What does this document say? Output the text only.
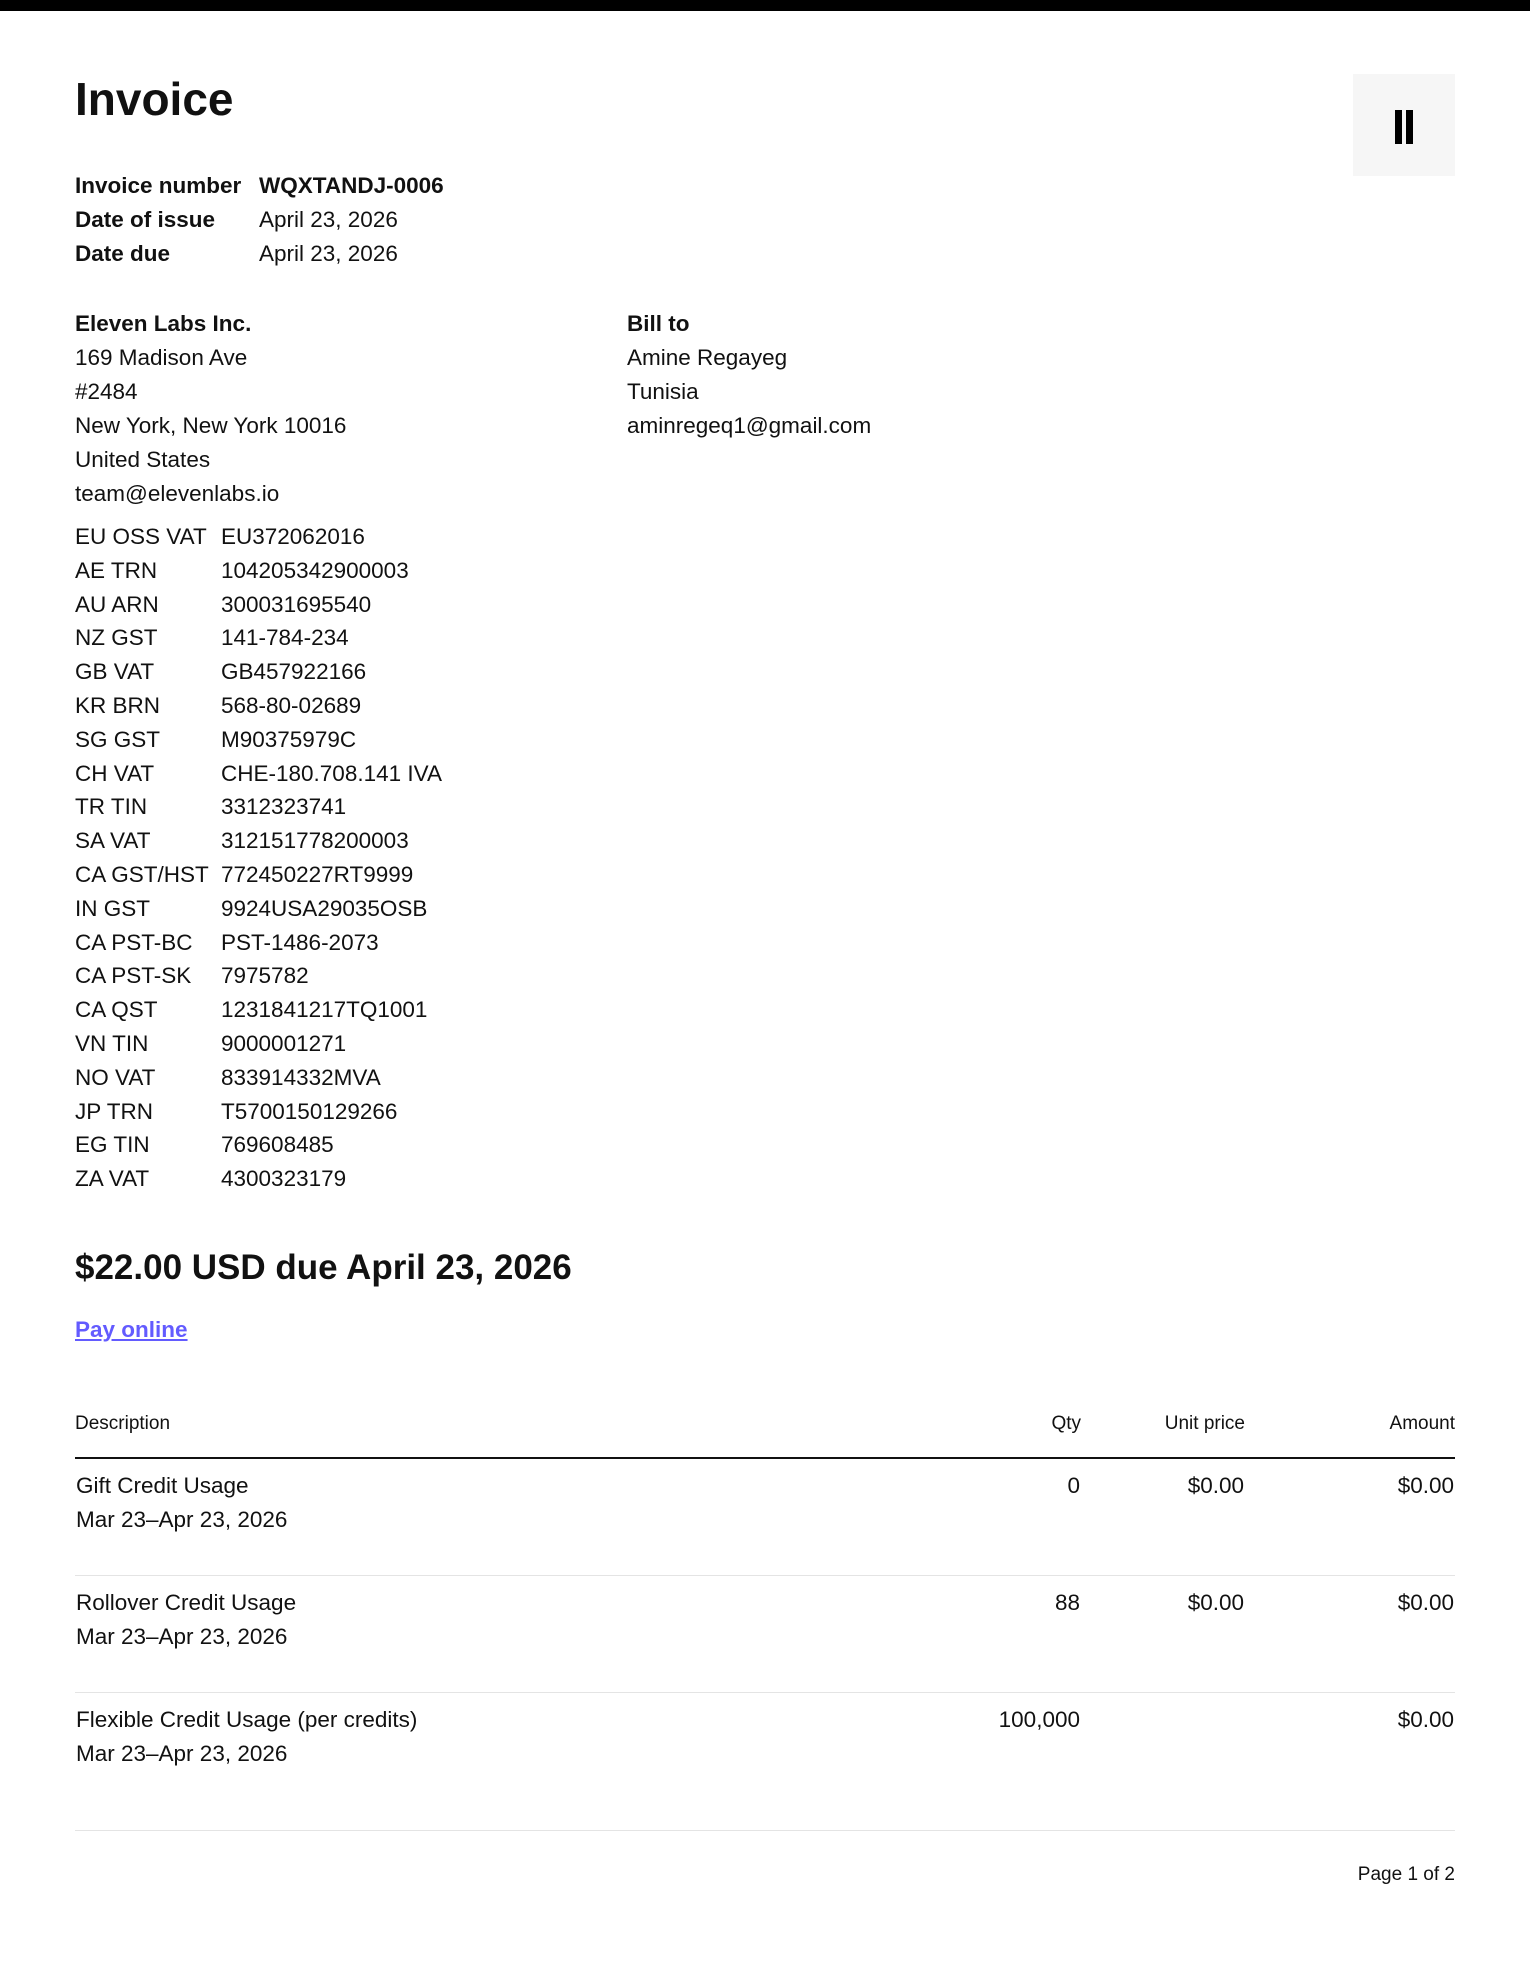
Invoice
Invoice number WQXTANDJ-0006
Date of issue	April 23, 2026
Date due	April 23, 2026
Eleven Labs Inc.
169 Madison Ave
#2484
New York, New York 10016
United States
team@elevenlabs.io
Bill to
Amine Regayeg
Tunisia
aminregeq1@gmail.com
EU OSS VAT EU372062016
AE TRN	104205342900003
AU ARN	300031695540
NZ GST	141-784-234
GB VAT	GB457922166
KR BRN	568-80-02689
SG GST	M90375979C
CH VAT	CHE-180.708.141 IVA
TR TIN	3312323741
SA VAT	312151778200003
CA GST/HST 772450227RT9999
IN GST	9924USA29035OSB
CA PST-BC	PST-1486-2073
CA PST-SK	7975782
CA QST	1231841217TQ1001
VN TIN	9000001271
NO VAT	833914332MVA
JP TRN	T5700150129266
EG TIN	769608485
ZA VAT	4300323179
$22.00 USD due April 23, 2026
Pay online
Description	Qty	Unit price	Amount

Gift Credit Usage
Mar 23–Apr 23, 2026	0	$0.00	$0.00

Rollover Credit Usage
Mar 23–Apr 23, 2026	88	$0.00	$0.00

Flexible Credit Usage (per credits)
Mar 23–Apr 23, 2026	100,000		$0.00
Page 1 of 2
